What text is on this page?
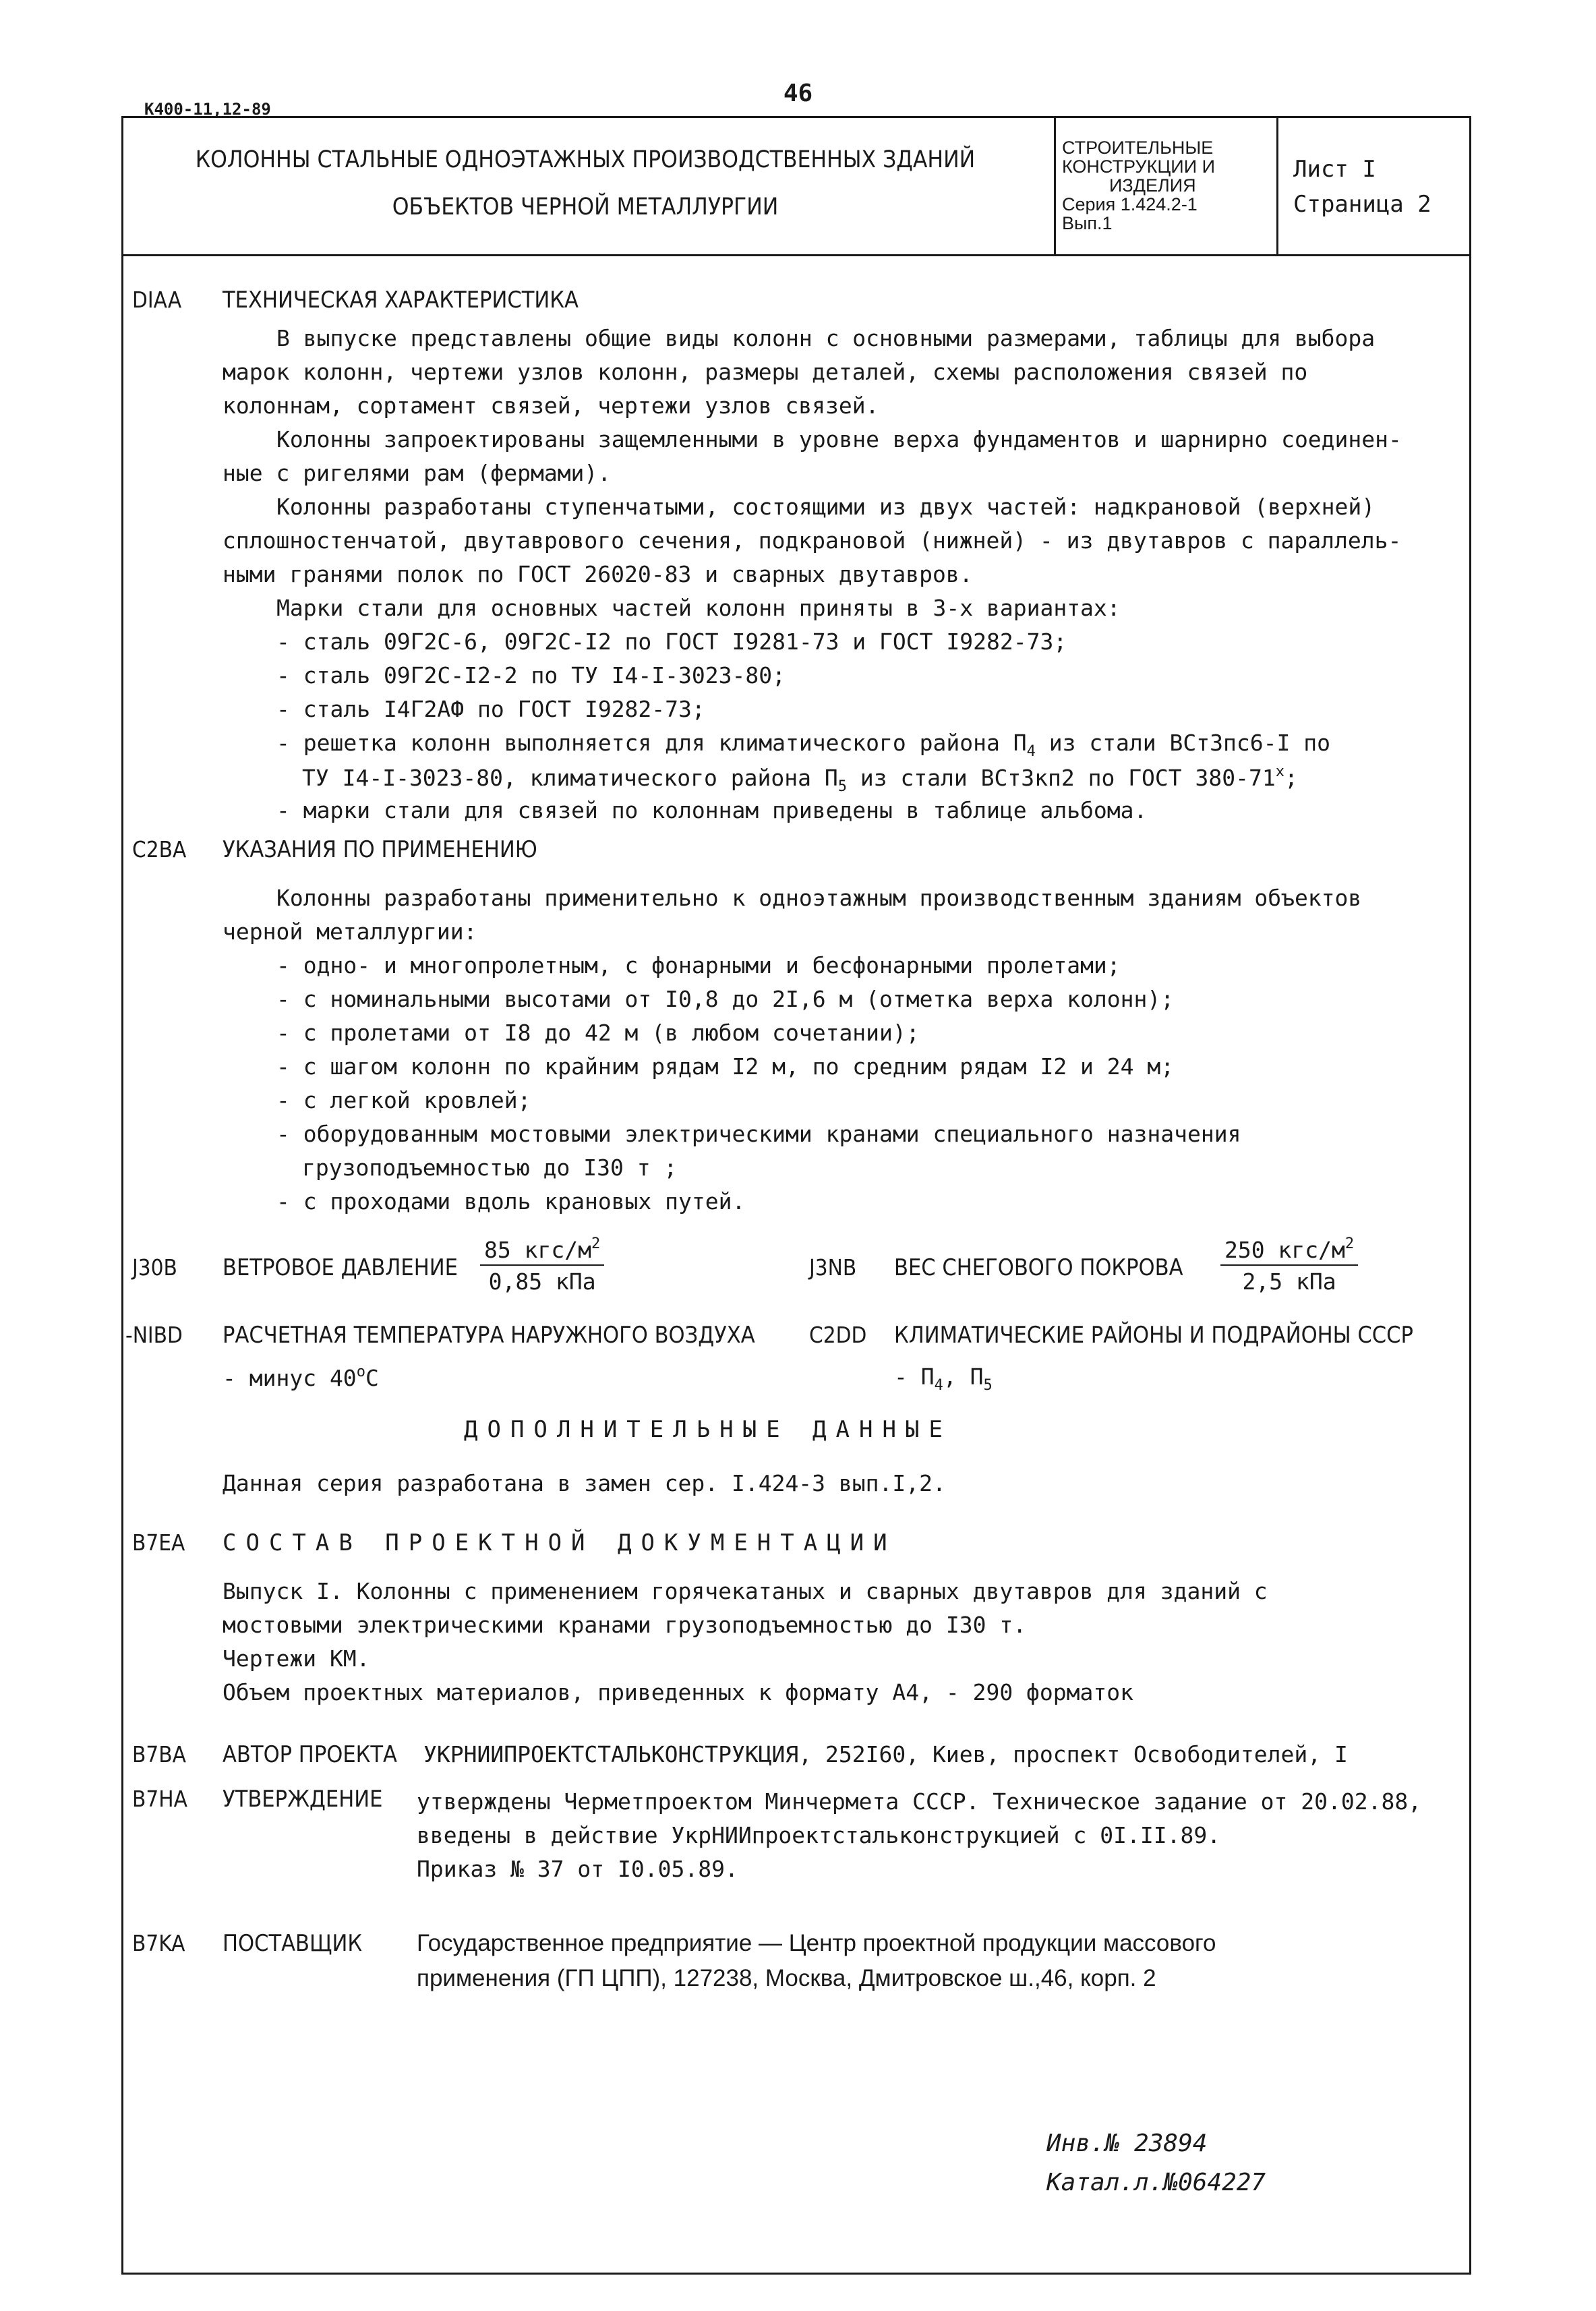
46
К400-11,12-89
КОЛОННЫ СТАЛЬНЫЕ ОДНОЭТАЖНЫХ ПРОИЗВОДСТВЕННЫХ ЗДАНИЙ
ОБЪЕКТОВ ЧЕРНОЙ МЕТАЛЛУРГИИ
СТРОИТЕЛЬНЫЕ
КОНСТРУКЦИИ И
ИЗДЕЛИЯ
Серия 1.424.2-1
Вып.1
Лист I
Страница 2
DIAA ТЕХНИЧЕСКАЯ ХАРАКТЕРИСТИКА
В выпуске представлены общие виды колонн с основными размерами, таблицы для выбора
марок колонн, чертежи узлов колонн, размеры деталей, схемы расположения связей по
колоннам, сортамент связей, чертежи узлов связей.
Колонны запроектированы защемленными в уровне верха фундаментов и шарнирно соединен-
ные с ригелями рам (фермами).
Колонны разработаны ступенчатыми, состоящими из двух частей: надкрановой (верхней)
сплошностенчатой, двутаврового сечения, подкрановой (нижней) - из двутавров с параллель-
ными гранями полок по ГОСТ 26020-83 и сварных двутавров.
Марки стали для основных частей колонн приняты в 3-х вариантах:
- сталь 09Г2С-6, 09Г2С-I2 по ГОСТ I9281-73 и ГОСТ I9282-73;
- сталь 09Г2С-I2-2 по ТУ I4-I-3023-80;
- сталь I4Г2АФ по ГОСТ I9282-73;
- решетка колонн выполняется для климатического района $П_4$ из стали ВСт3пс6-I по
ТУ I4-I-3023-80, климатического района $П_5$ из стали ВСт3кп2 по ГОСТ 380-71$^x$;
- марки стали для связей по колоннам приведены в таблице альбома.
C2BA УКАЗАНИЯ ПО ПРИМЕНЕНИЮ
Колонны разработаны применительно к одноэтажным производственным зданиям объектов
черной металлургии:
- одно- и многопролетным, с фонарными и бесфонарными пролетами;
- с номинальными высотами от I0,8 до 2I,6 м (отметка верха колонн);
- с пролетами от I8 до 42 м (в любом сочетании);
- с шагом колонн по крайним рядам I2 м, по средним рядам I2 и 24 м;
- с легкой кровлей;
- оборудованным мостовыми электрическими кранами специального назначения
грузоподъемностью до I30 т ;
- с проходами вдоль крановых путей.
J30B ВЕТРОВОЕ ДАВЛЕНИЕ
85 кгс/$м^2$
0,85 кПа
J3NB ВЕС СНЕГОВОГО ПОКРОВА
250 кгс/$м^2$
2,5 кПа
-NIBD РАСЧЕТНАЯ ТЕМПЕРАТУРА НАРУЖНОГО ВОЗДУХА
- минус $40^оС$
C2DD КЛИМАТИЧЕСКИЕ РАЙОНЫ И ПОДРАЙОНЫ СССР
- $П_4$, $П_5$
ДОПОЛНИТЕЛЬНЫЕ ДАННЫЕ
Данная серия разработана в замен сер. I.424-3 вып.I,2.
B7EA СОСТАВ ПРОЕКТНОЙ ДОКУМЕНТАЦИИ
Выпуск I. Колонны с применением горячекатаных и сварных двутавров для зданий с
мостовыми электрическими кранами грузоподъемностью до I30 т.
Чертежи КМ.
Объем проектных материалов, приведенных к формату А4, - 290 форматок
B7BA АВТОР ПРОЕКТА УКРНИИПРОЕКТСТАЛЬКОНСТРУКЦИЯ, 252I60, Киев, проспект Освободителей, I
B7HA УТВЕРЖДЕНИЕ утверждены Черметпроектом Минчермета СССР. Техническое задание от 20.02.88,
введены в действие УкрНИИпроектстальконструкцией с 0I.II.89.
Приказ № 37 от I0.05.89.
B7KA ПОСТАВЩИК Государственное предприятие — Центр проектной продукции массового
применения (ГП ЦПП), 127238, Москва, Дмитровское ш.,46, корп. 2
Инв.№ 23894
Катал.л.№064227
